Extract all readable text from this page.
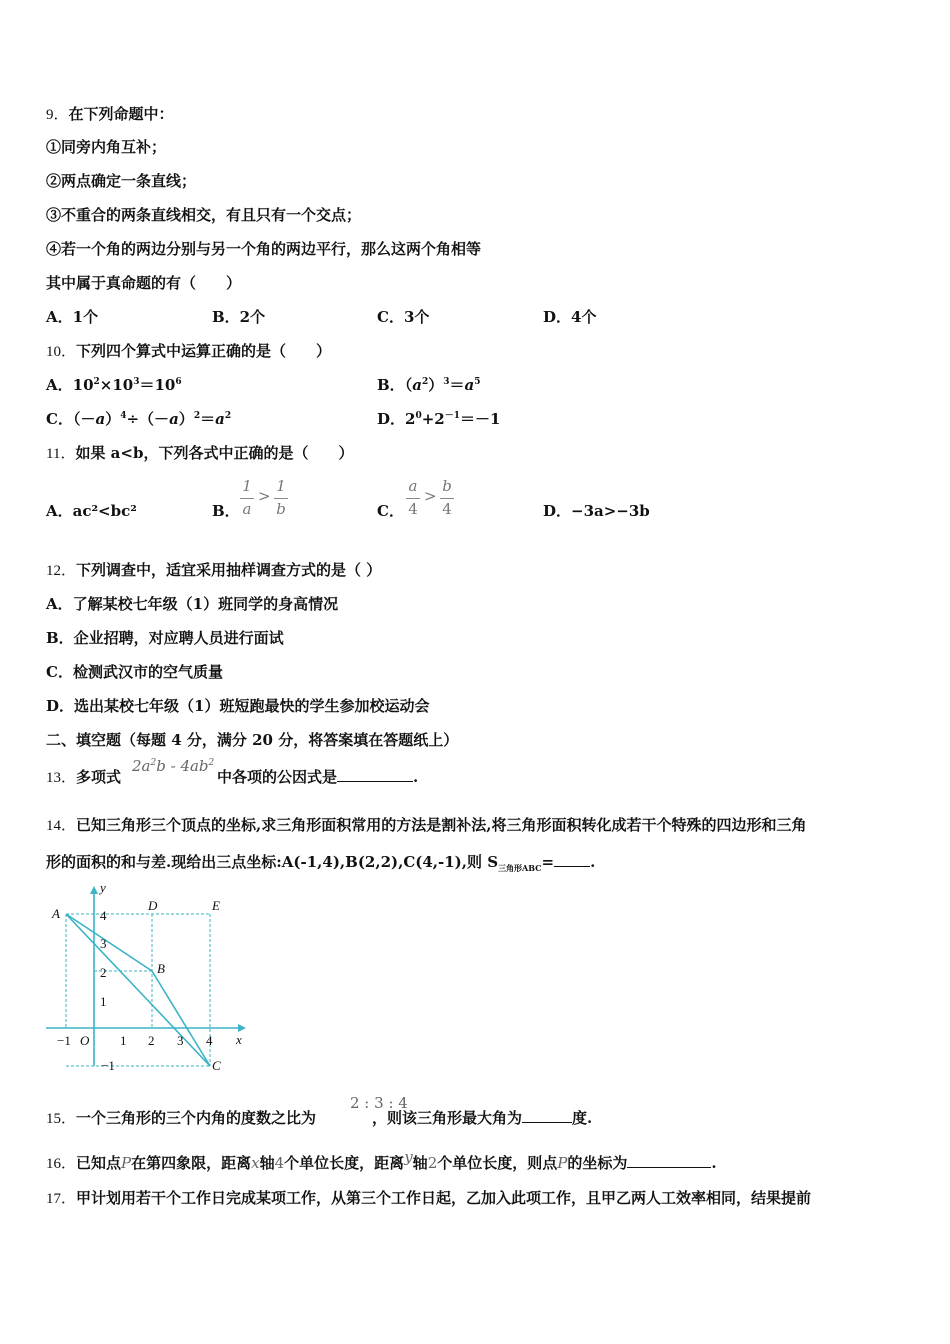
9．在下列命题中：
①同旁内角互补；
②两点确定一条直线；
③不重合的两条直线相交，有且只有一个交点；
④若一个角的两边分别与另一个角的两边平行，那么这两个角相等
其中属于真命题的有（　　）
A．1个	B．2个	C．3个	D．4个
10．下列四个算式中运算正确的是（　　）
A．$10^2\times 10^3=10^6$	B．$(a^2)^3=a^5$
C．$(-a)^4\div(-a)^2=a^2$	D．$2^0+2^{-1}=-1$
11．如果 a<b，下列各式中正确的是（　　）
A．ac²<bc²	B．
1
a
>
1
b	C．
a
4
>
b
4	D．−3a>−3b
12．下列调查中，适宜采用抽样调查方式的是（ ）
A．了解某校七年级（1）班同学的身高情况
B．企业招聘，对应聘人员进行面试
C．检测武汉市的空气质量
D．选出某校七年级（1）班短跑最快的学生参加校运动会
二、填空题（每题 4 分，满分 20 分，将答案填在答题纸上）
13．多项式	中各项的公因式是	.
$2a^2b - 4ab^2$
14．已知三角形三个顶点的坐标,求三角形面积常用的方法是割补法,将三角形面积转化成若干个特殊的四边形和三角
形的面积的和与差.现给出三点坐标:A(-1,4),B(2,2),C(4,-1),则 $S_{三角形ABC}=$ .
A
B
C
D	E
x
y
O
−1	1 2 3 4
1
2
3
4
−1
15．一个三角形的三个内角的度数之比为	，则该三角形最大角为	度.
2 : 3 : 4
16．已知点P在第四象限，距离x轴4个单位长度，距离y轴2个单位长度，则点P的坐标为	.
17．甲计划用若干个工作日完成某项工作，从第三个工作日起，乙加入此项工作，且甲乙两人工效率相同，结果提前
